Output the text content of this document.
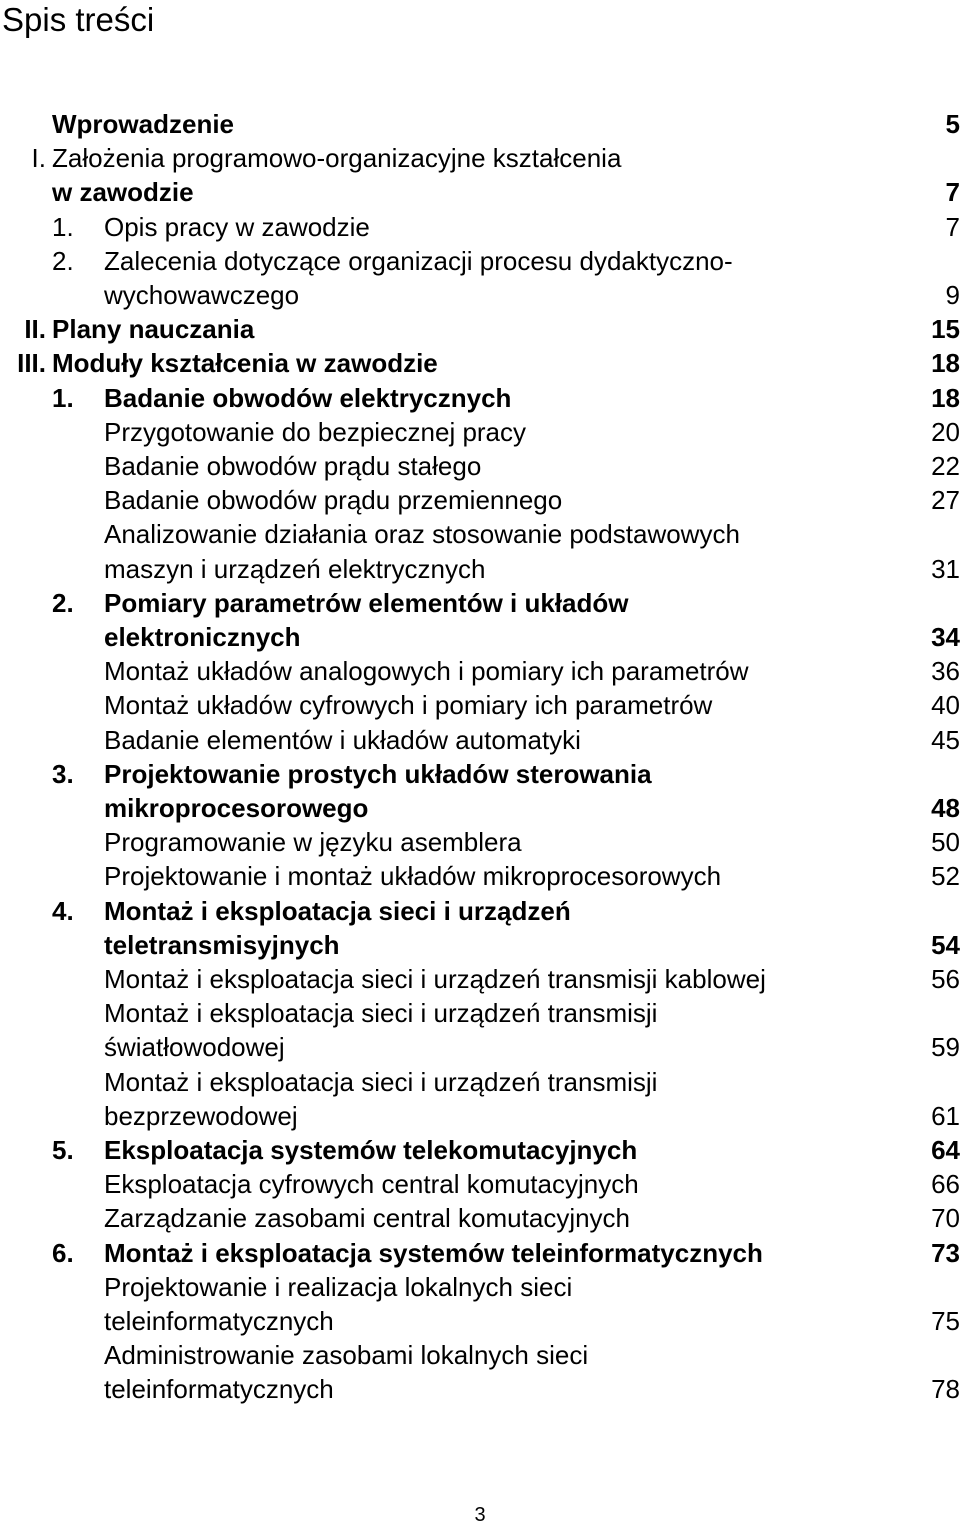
Spis treści
Wprowadzenie	5
I. Założenia programowo-organizacyjne kształcenia
w zawodzie	7
1. Opis pracy w zawodzie	7
2. Zalecenia dotyczące organizacji procesu dydaktyczno-
wychowawczego	9
II. Plany nauczania	15
III. Moduły kształcenia w zawodzie	18
1. Badanie obwodów elektrycznych	18
Przygotowanie do bezpiecznej pracy	20
Badanie obwodów prądu stałego	22
Badanie obwodów prądu przemiennego	27
Analizowanie działania oraz stosowanie podstawowych
maszyn i urządzeń elektrycznych	31
2. Pomiary parametrów elementów i układów
elektronicznych	34
Montaż układów analogowych i pomiary ich parametrów	36
Montaż układów cyfrowych i pomiary ich parametrów	40
Badanie elementów i układów automatyki	45
3. Projektowanie prostych układów sterowania
mikroprocesorowego	48
Programowanie w języku asemblera	50
Projektowanie i montaż układów mikroprocesorowych	52
4. Montaż i eksploatacja sieci i urządzeń
teletransmisyjnych	54
Montaż i eksploatacja sieci i urządzeń transmisji kablowej	56
Montaż i eksploatacja sieci i urządzeń transmisji
światłowodowej	59
Montaż i eksploatacja sieci i urządzeń transmisji
bezprzewodowej	61
5. Eksploatacja systemów telekomutacyjnych	64
Eksploatacja cyfrowych central komutacyjnych	66
Zarządzanie zasobami central komutacyjnych	70
6. Montaż i eksploatacja systemów teleinformatycznych	73
Projektowanie i realizacja lokalnych sieci
teleinformatycznych	75
Administrowanie zasobami lokalnych sieci
teleinformatycznych	78
3
